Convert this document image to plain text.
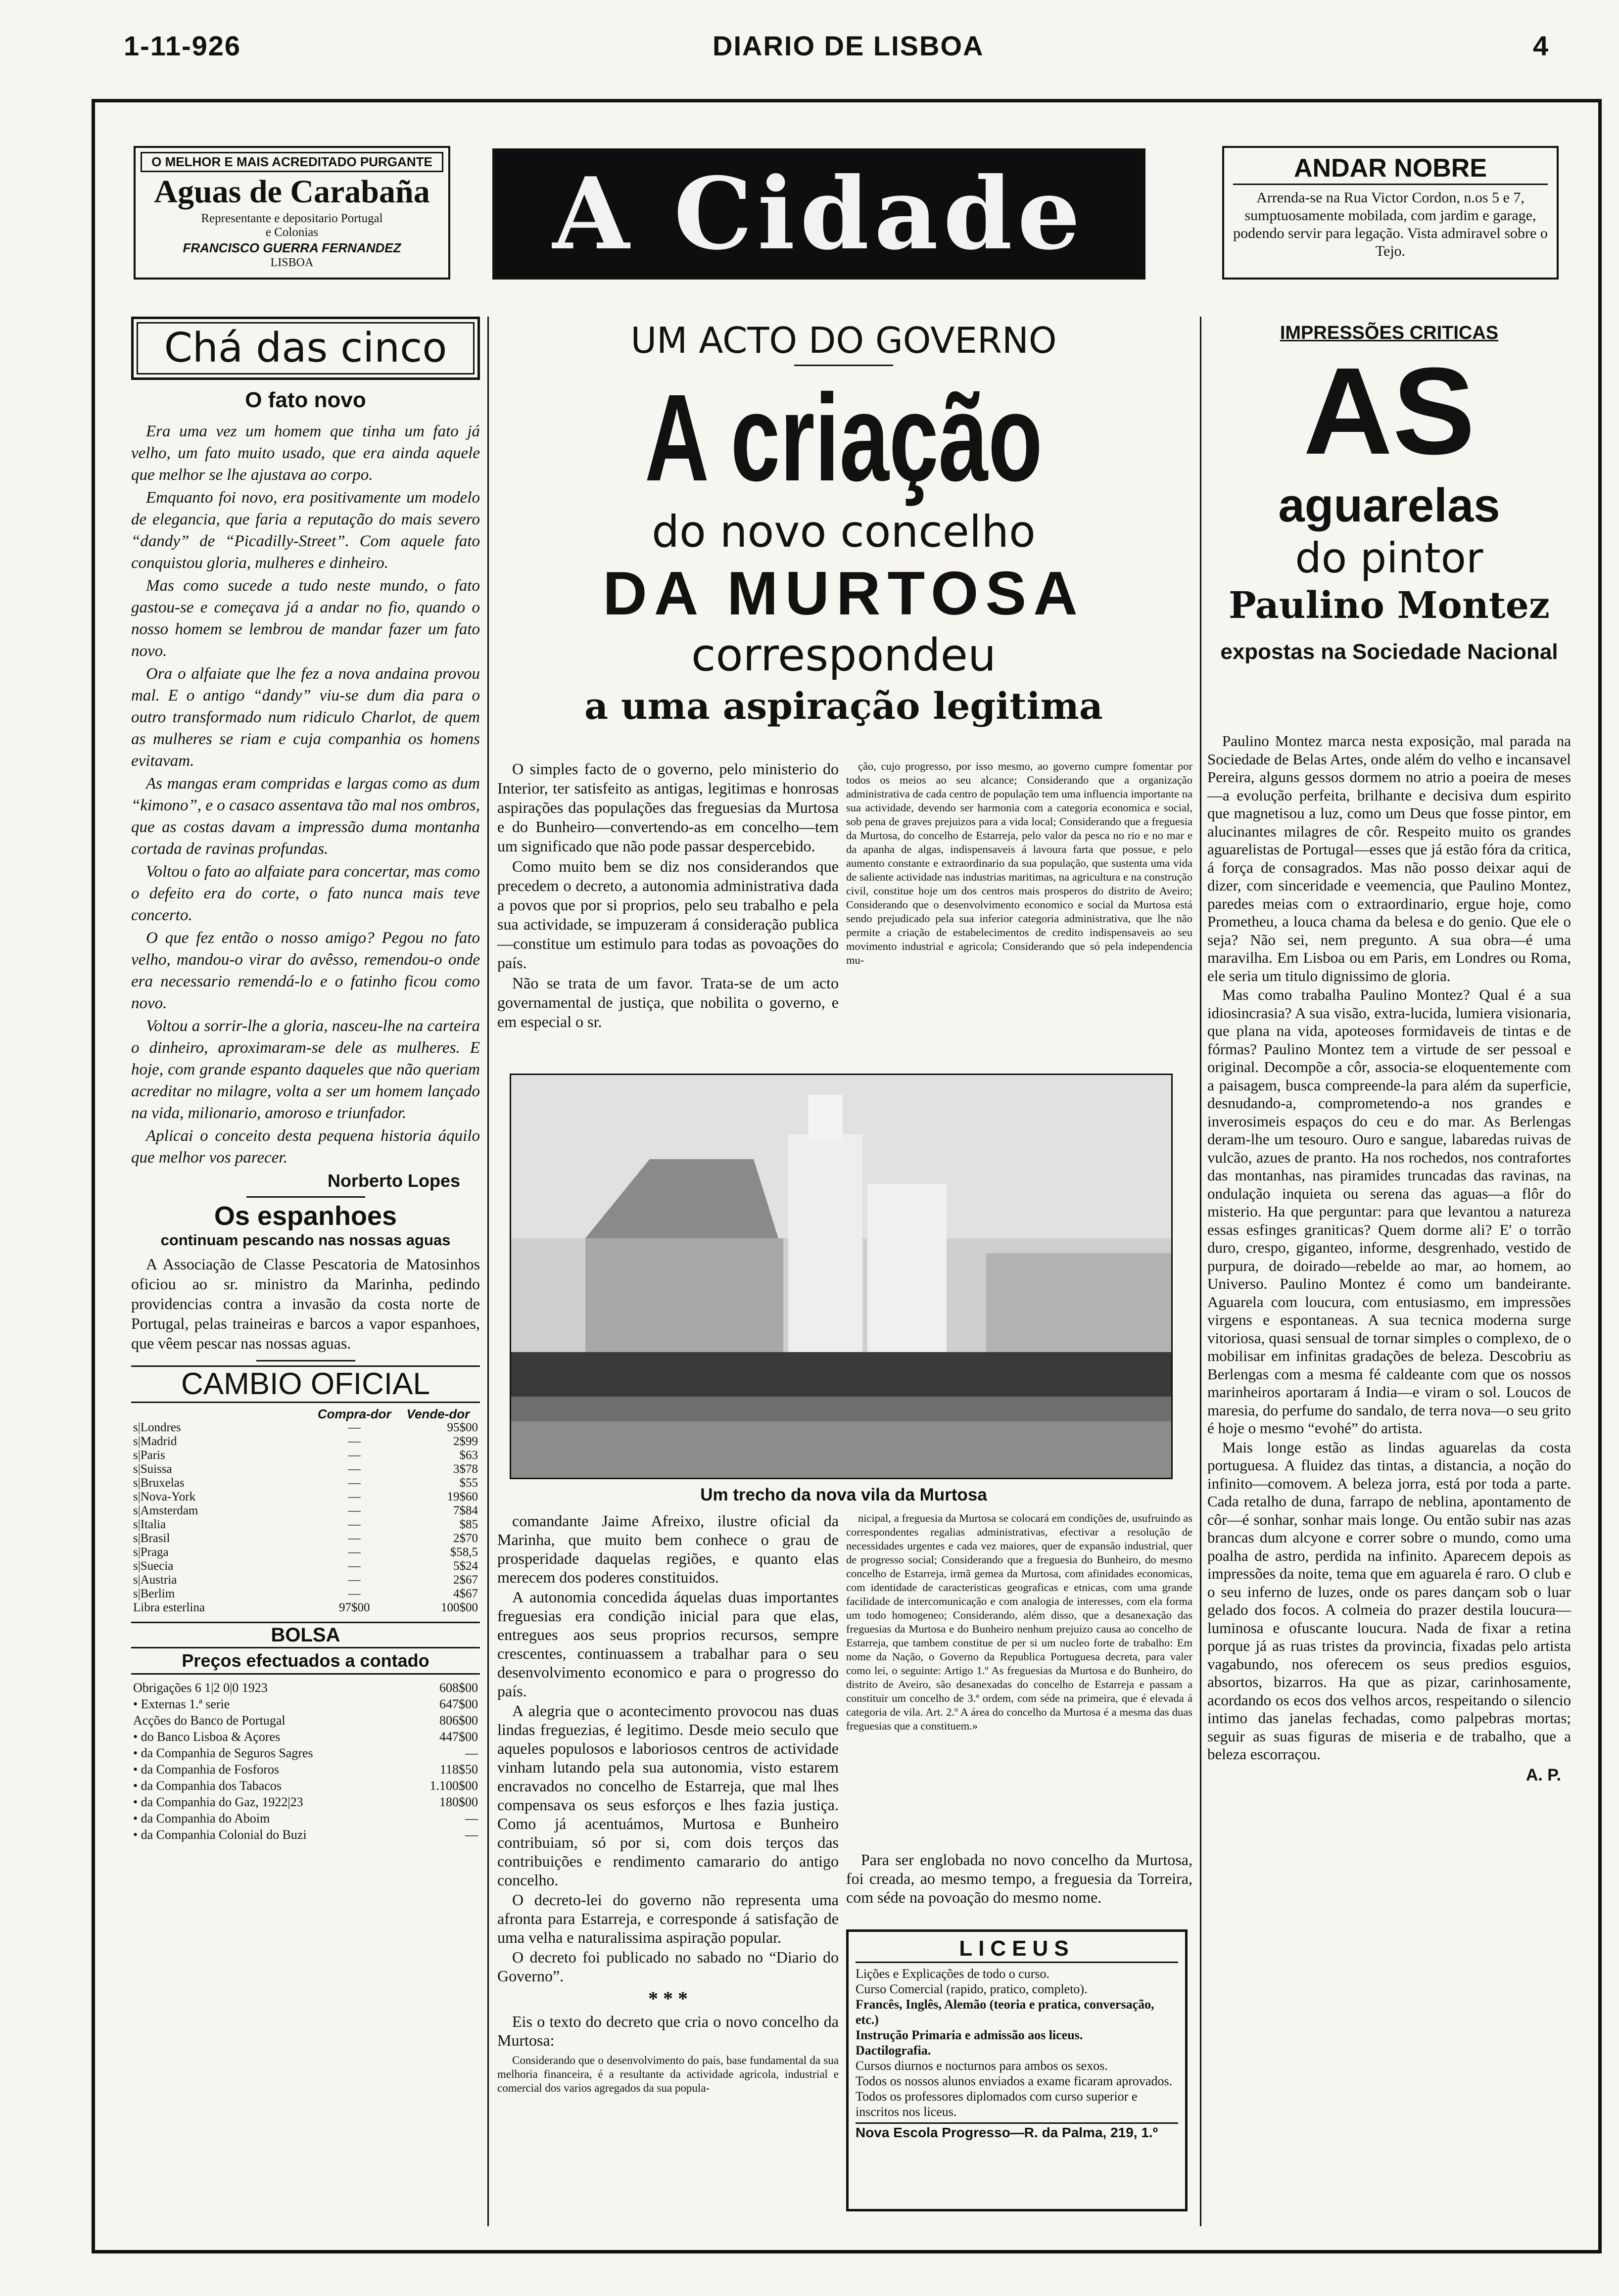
1-11-926	DIARIO DE LISBOA	4
O MELHOR E MAIS ACREDITADO PURGANTE
Aguas de Carabaña
Representante e depositario Portugal
e Colonias
FRANCISCO GUERRA FERNANDEZ
LISBOA	A Cidade	ANDAR NOBRE
Arrenda-se na Rua Victor Cordon, n.os 5 e 7, sumptuosamente mobilada, com jardim e garage, podendo servir para legação. Vista admiravel sobre o Tejo.
Chá das cinco
O fato novo

Era uma vez um homem que tinha um fato já velho, um fato muito usado, que era ainda aquele que melhor se lhe ajustava ao corpo.

Emquanto foi novo, era positivamente um modelo de elegancia, que faria a reputação do mais severo “dandy” de “Picadilly-Street”. Com aquele fato conquistou gloria, mulheres e dinheiro.

Mas como sucede a tudo neste mundo, o fato gastou-se e começava já a andar no fio, quando o nosso homem se lembrou de mandar fazer um fato novo.

Ora o alfaiate que lhe fez a nova andaina provou mal. E o antigo “dandy” viu-se dum dia para o outro transformado num ridiculo Charlot, de quem as mulheres se riam e cuja companhia os homens evitavam.

As mangas eram compridas e largas como as dum “kimono”, e o casaco assentava tão mal nos ombros, que as costas davam a impressão duma montanha cortada de ravinas profundas.

Voltou o fato ao alfaiate para concertar, mas como o defeito era do corte, o fato nunca mais teve concerto.

O que fez então o nosso amigo? Pegou no fato velho, mandou-o virar do avêsso, remendou-o onde era necessario remendá-lo e o fatinho ficou como novo.

Voltou a sorrir-lhe a gloria, nasceu-lhe na carteira o dinheiro, aproximaram-se dele as mulheres. E hoje, com grande espanto daqueles que não queriam acreditar no milagre, volta a ser um homem lançado na vida, milionario, amoroso e triunfador.

Aplicai o conceito desta pequena historia áquilo que melhor vos parecer.

Norberto Lopes
Os espanhoes
continuam pescando nas nossas aguas

A Associação de Classe Pescatoria de Matosinhos oficiou ao sr. ministro da Marinha, pedindo providencias contra a invasão da costa norte de Portugal, pelas traineiras e barcos a vapor espanhoes, que vêem pescar nas nossas aguas.

CAMBIO OFICIAL
	Compra-dor	Vende-dor
s|Londres	—	95$00
s|Madrid	—	2$99
s|Paris	—	$63
s|Suissa	—	3$78
s|Bruxelas	—	$55
s|Nova-York	—	19$60
s|Amsterdam	—	7$84
s|Italia	—	$85
s|Brasil	—	2$70
s|Praga	—	$58,5
s|Suecia	—	5$24
s|Austria	—	2$67
s|Berlim	—	4$67
Libra esterlina	97$00	100$00
BOLSA
Preços efectuados a contado
Obrigações 6 1|2 0|0 1923	608$00
• Externas 1.ª serie	647$00
Acções do Banco de Portugal	806$00
• do Banco Lisboa & Açores	447$00
• da Companhia de Seguros Sagres	—
• da Companhia de Fosforos	118$50
• da Companhia dos Tabacos	1.100$00
• da Companhia do Gaz, 1922|23	180$00
• da Companhia do Aboim	—
• da Companhia Colonial do Buzi	—
UM ACTO DO GOVERNO
A criação
do novo concelho
DA MURTOSA
correspondeu
a uma aspiração legitima

O simples facto de o governo, pelo ministerio do Interior, ter satisfeito as antigas, legitimas e honrosas aspirações das populações das freguesias da Murtosa e do Bunheiro—convertendo-as em concelho—tem um significado que não pode passar despercebido.

Como muito bem se diz nos considerandos que precedem o decreto, a autonomia administrativa dada a povos que por si proprios, pelo seu trabalho e pela sua actividade, se impuzeram á consideração publica—constitue um estimulo para todas as povoações do país.

Não se trata de um favor. Trata-se de um acto governamental de justiça, que nobilita o governo, e em especial o sr.

ção, cujo progresso, por isso mesmo, ao governo cumpre fomentar por todos os meios ao seu alcance; Considerando que a organização administrativa de cada centro de população tem uma influencia importante na sua actividade, devendo ser harmonia com a categoria economica e social, sob pena de graves prejuizos para a vida local; Considerando que a freguesia da Murtosa, do concelho de Estarreja, pelo valor da pesca no rio e no mar e da apanha de algas, indispensaveis á lavoura farta que possue, e pelo aumento constante e extraordinario da sua população, que sustenta uma vida de saliente actividade nas industrias maritimas, na agricultura e na construção civil, constitue hoje um dos centros mais prosperos do distrito de Aveiro; Considerando que o desenvolvimento economico e social da Murtosa está sendo prejudicado pela sua inferior categoria administrativa, que lhe não permite a criação de estabelecimentos de credito indispensaveis ao seu movimento industrial e agricola; Considerando que só pela independencia mu-

Um trecho da nova vila da Murtosa

comandante Jaime Afreixo, ilustre oficial da Marinha, que muito bem conhece o grau de prosperidade daquelas regiões, e quanto elas merecem dos poderes constituidos.

A autonomia concedida áquelas duas importantes freguesias era condição inicial para que elas, entregues aos seus proprios recursos, sempre crescentes, continuassem a trabalhar para o seu desenvolvimento economico e para o progresso do país.

A alegria que o acontecimento provocou nas duas lindas freguezias, é legitimo. Desde meio seculo que aqueles populosos e laboriosos centros de actividade vinham lutando pela sua autonomia, visto estarem encravados no concelho de Estarreja, que mal lhes compensava os seus esforços e lhes fazia justiça. Como já acentuámos, Murtosa e Bunheiro contribuiam, só por si, com dois terços das contribuições e rendimento camarario do antigo concelho.

O decreto-lei do governo não representa uma afronta para Estarreja, e corresponde á satisfação de uma velha e naturalissima aspiração popular.

O decreto foi publicado no sabado no “Diario do Governo”.

* * *

Eis o texto do decreto que cria o novo concelho da Murtosa:

Considerando que o desenvolvimento do país, base fundamental da sua melhoria financeira, é a resultante da actividade agricola, industrial e comercial dos varios agregados da sua popula-

nicipal, a freguesia da Murtosa se colocará em condições de, usufruindo as correspondentes regalias administrativas, efectivar a resolução de necessidades urgentes e cada vez maiores, quer de expansão industrial, quer de progresso social; Considerando que a freguesia do Bunheiro, do mesmo concelho de Estarreja, irmã gemea da Murtosa, com afinidades economicas, com identidade de caracteristicas geograficas e etnicas, com uma grande facilidade de intercomunicação e com analogia de interesses, com ela forma um todo homogeneo; Considerando, além disso, que a desanexação das freguesias da Murtosa e do Bunheiro nenhum prejuizo causa ao concelho de Estarreja, que tambem constitue de per si um nucleo forte de trabalho: Em nome da Nação, o Governo da Republica Portuguesa decreta, para valer como lei, o seguinte: Artigo 1.º As freguesias da Murtosa e do Bunheiro, do distrito de Aveiro, são desanexadas do concelho de Estarreja e passam a constituir um concelho de 3.ª ordem, com séde na primeira, que é elevada á categoria de vila. Art. 2.º A área do concelho da Murtosa é a mesma das duas freguesias que a constituem.»

Para ser englobada no novo concelho da Murtosa, foi creada, ao mesmo tempo, a freguesia da Torreira, com séde na povoação do mesmo nome.

LICEUS
Lições e Explicações de todo o curso.
Curso Comercial (rapido, pratico, completo).
Francês, Inglês, Alemão (teoria e pratica, conversação, etc.)
Instrução Primaria e admissão aos liceus.
Dactilografia.
Cursos diurnos e nocturnos para ambos os sexos.
Todos os nossos alunos enviados a exame ficaram aprovados.
Todos os professores diplomados com curso superior e inscritos nos liceus.
Nova Escola Progresso—R. da Palma, 219, 1.º
IMPRESSÕES CRITICAS
AS
aguarelas
do pintor
Paulino Montez
expostas na Sociedade Nacional

Paulino Montez marca nesta exposição, mal parada na Sociedade de Belas Artes, onde além do velho e incansavel Pereira, alguns gessos dormem no atrio a poeira de meses—a evolução perfeita, brilhante e decisiva dum espirito que magnetisou a luz, como um Deus que fosse pintor, em alucinantes milagres de côr. Respeito muito os grandes aguarelistas de Portugal—esses que já estão fóra da critica, á força de consagrados. Mas não posso deixar aqui de dizer, com sinceridade e veemencia, que Paulino Montez, paredes meias com o extraordinario, ergue hoje, como Prometheu, a louca chama da belesa e do genio. Que ele o seja? Não sei, nem pregunto. A sua obra—é uma maravilha. Em Lisboa ou em Paris, em Londres ou Roma, ele seria um titulo dignissimo de gloria.

Mas como trabalha Paulino Montez? Qual é a sua idiosincrasia? A sua visão, extra-lucida, lumiera visionaria, que plana na vida, apoteoses formidaveis de tintas e de fórmas? Paulino Montez tem a virtude de ser pessoal e original. Decompõe a côr, associa-se eloquentemente com a paisagem, busca compreende-la para além da superficie, desnudando-a, comprometendo-a nos grandes e inverosimeis espaços do ceu e do mar. As Berlengas deram-lhe um tesouro. Ouro e sangue, labaredas ruivas de vulcão, azues de pranto. Ha nos rochedos, nos contrafortes das montanhas, nas piramides truncadas das ravinas, na ondulação inquieta ou serena das aguas—a flôr do misterio. Ha que perguntar: para que levantou a natureza essas esfinges graniticas? Quem dorme ali? E' o torrão duro, crespo, giganteo, informe, desgrenhado, vestido de purpura, de doirado—rebelde ao mar, ao homem, ao Universo. Paulino Montez é como um bandeirante. Aguarela com loucura, com entusiasmo, em impressões virgens e espontaneas. A sua tecnica moderna surge vitoriosa, quasi sensual de tornar simples o complexo, de o mobilisar em infinitas gradações de beleza. Descobriu as Berlengas com a mesma fé caldeante com que os nossos marinheiros aportaram á India—e viram o sol. Loucos de maresia, do perfume do sandalo, de terra nova—o seu grito é hoje o mesmo “evohé” do artista.

Mais longe estão as lindas aguarelas da costa portuguesa. A fluidez das tintas, a distancia, a noção do infinito—comovem. A beleza jorra, está por toda a parte. Cada retalho de duna, farrapo de neblina, apontamento de côr—é sonhar, sonhar mais longe. Ou então subir nas azas brancas dum alcyone e correr sobre o mundo, como uma poalha de astro, perdida na infinito. Aparecem depois as impressões da noite, tema que em aguarela é raro. O club e o seu inferno de luzes, onde os pares dançam sob o luar gelado dos focos. A colmeia do prazer destila loucura—luminosa e ofuscante loucura. Nada de fixar a retina porque já as ruas tristes da provincia, fixadas pelo artista vagabundo, nos oferecem os seus predios esguios, absortos, bizarros. Ha que as pizar, carinhosamente, acordando os ecos dos velhos arcos, respeitando o silencio intimo das janelas fechadas, como palpebras mortas; seguir as suas figuras de miseria e de trabalho, que a beleza escorraçou.

A. P.
